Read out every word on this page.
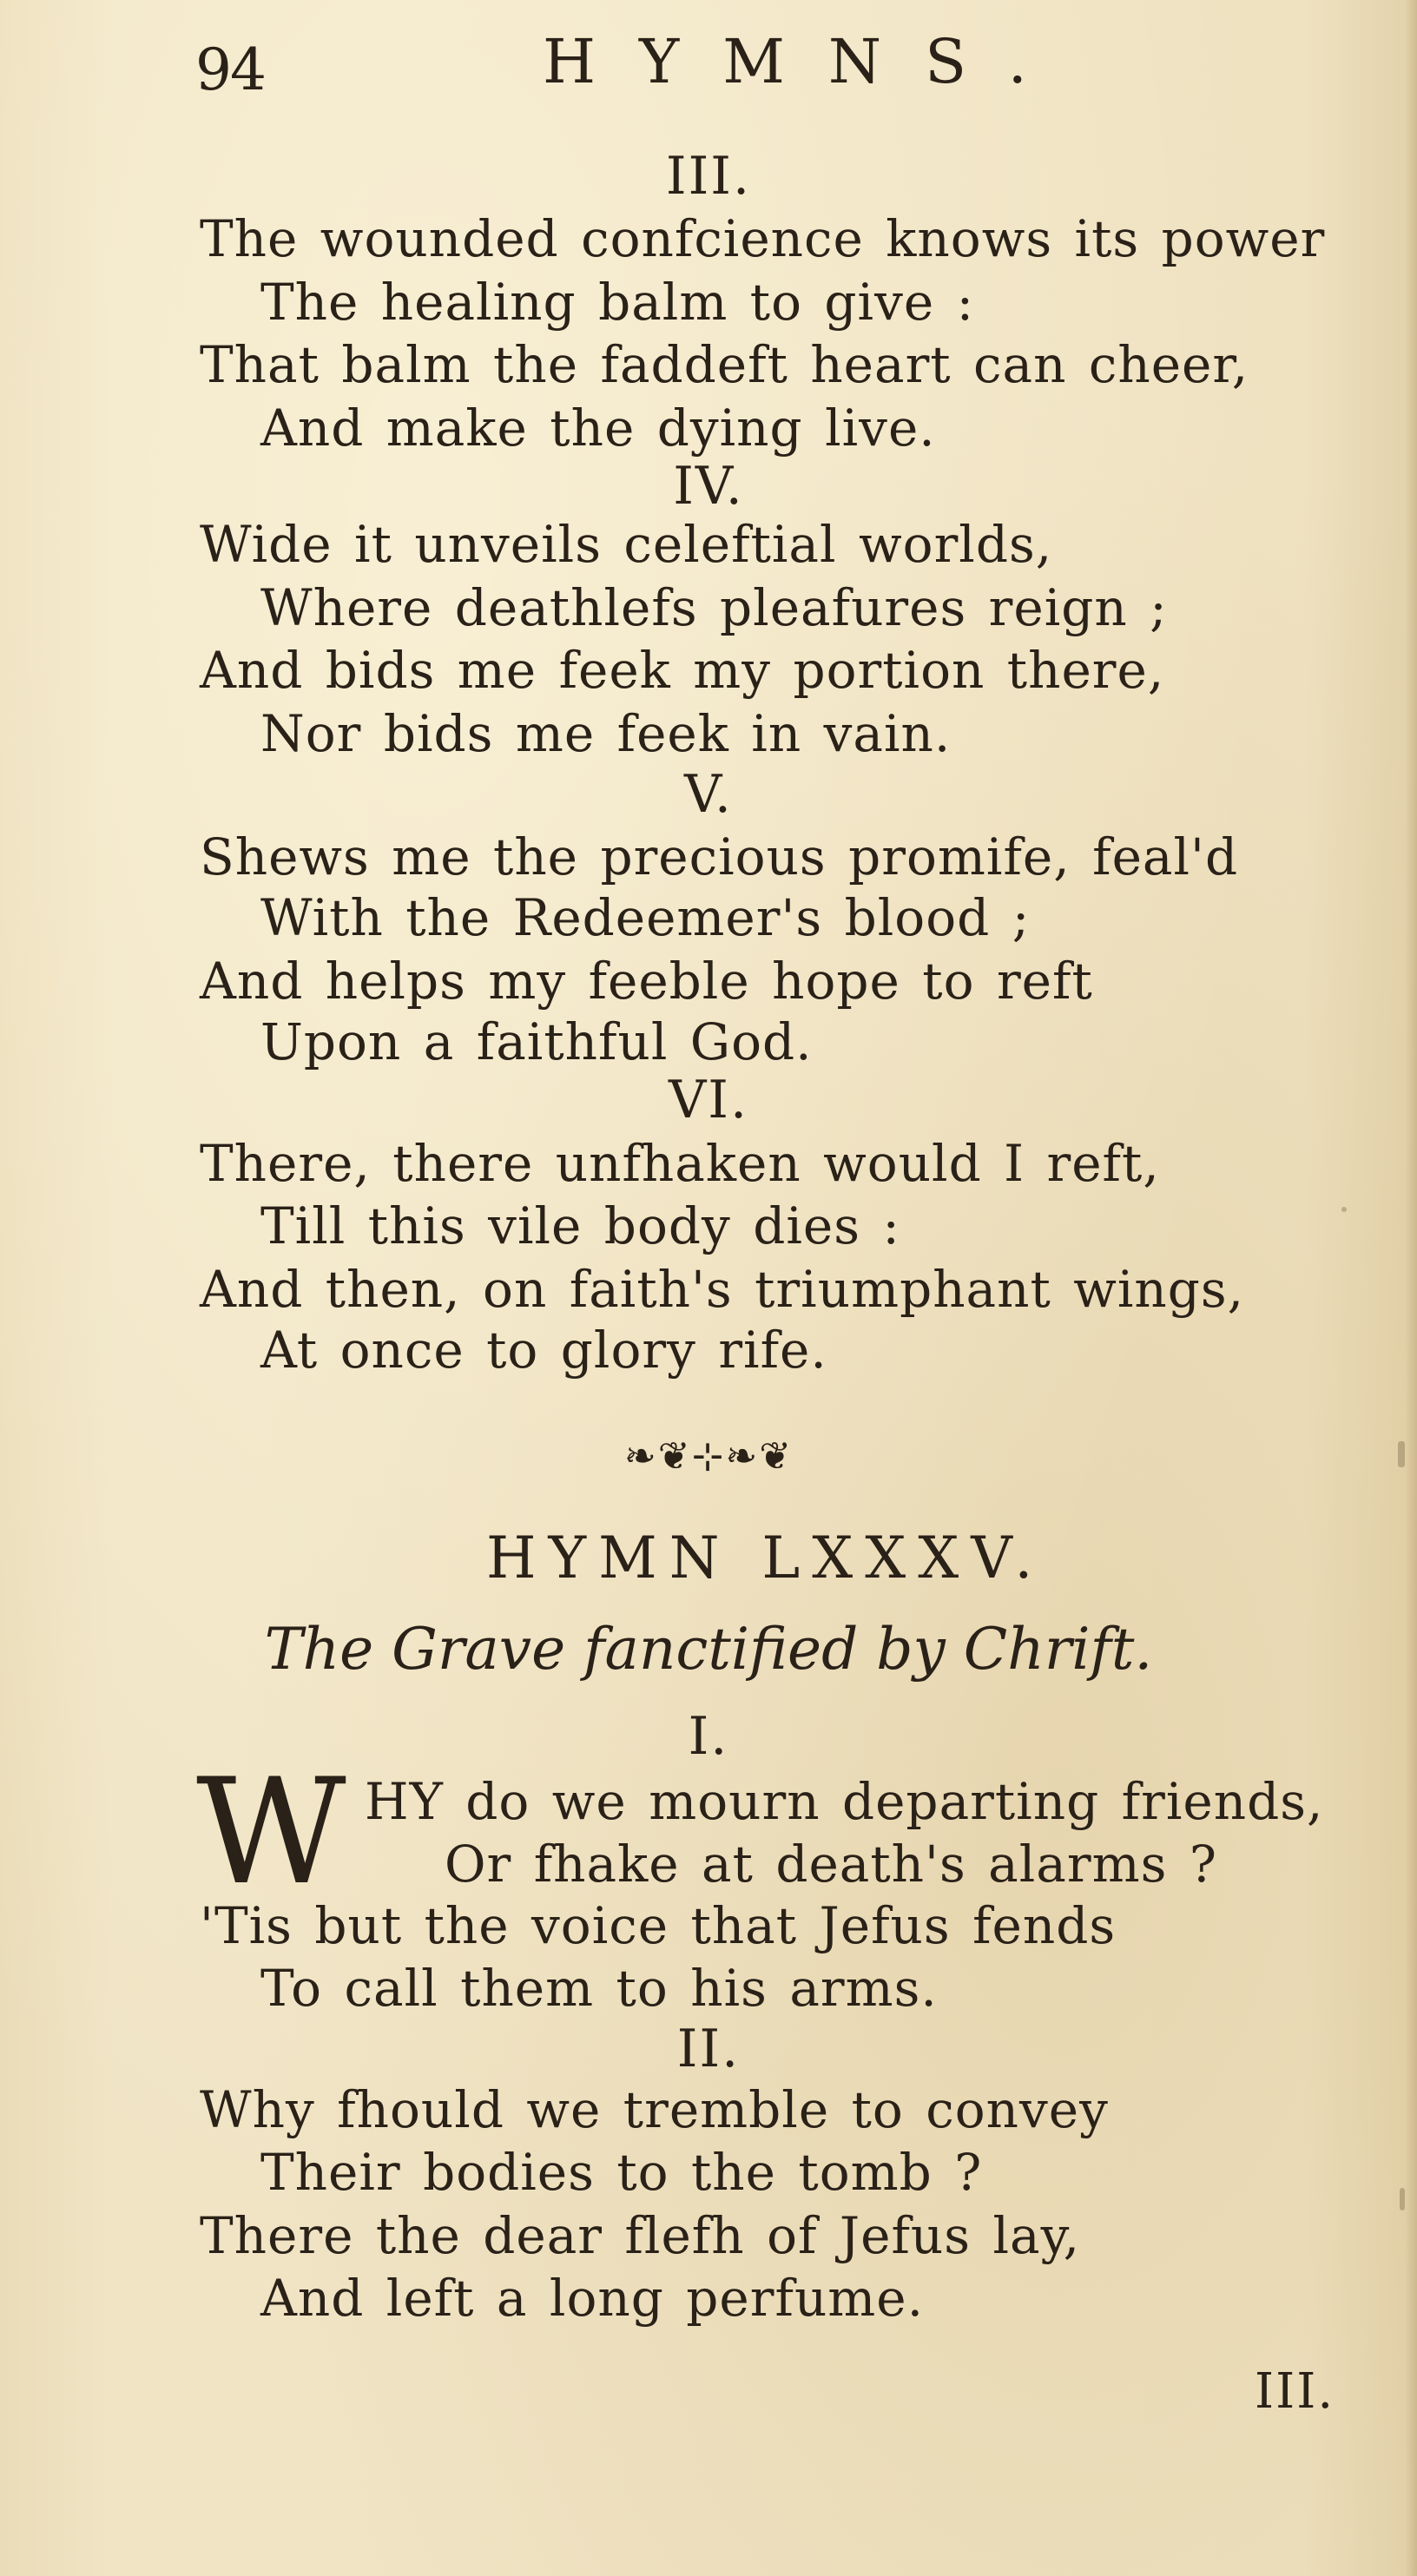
94	HYMNS.
III.
The wounded confcience knows its power
The healing balm to give :
That balm the faddeft heart can cheer,
And make the dying live.
IV.
Wide it unveils celeftial worlds,
Where deathlefs pleafures reign ;
And bids me feek my portion there,
Nor bids me feek in vain.
V.
Shews me the precious promife, feal'd
With the Redeemer's blood ;
And helps my feeble hope to reft
Upon a faithful God.
VI.
There, there unfhaken would I reft,
Till this vile body dies :
And then, on faith's triumphant wings,
At once to glory rife.
❧❦⊹❧❦
HYMN LXXXV.
The Grave fanctified by Chrift.
I.
W HY do we mourn departing friends,
Or fhake at death's alarms ?
'Tis but the voice that Jefus fends
To call them to his arms.
II.
Why fhould we tremble to convey
Their bodies to the tomb ?
There the dear flefh of Jefus lay,
And left a long perfume.
III.
